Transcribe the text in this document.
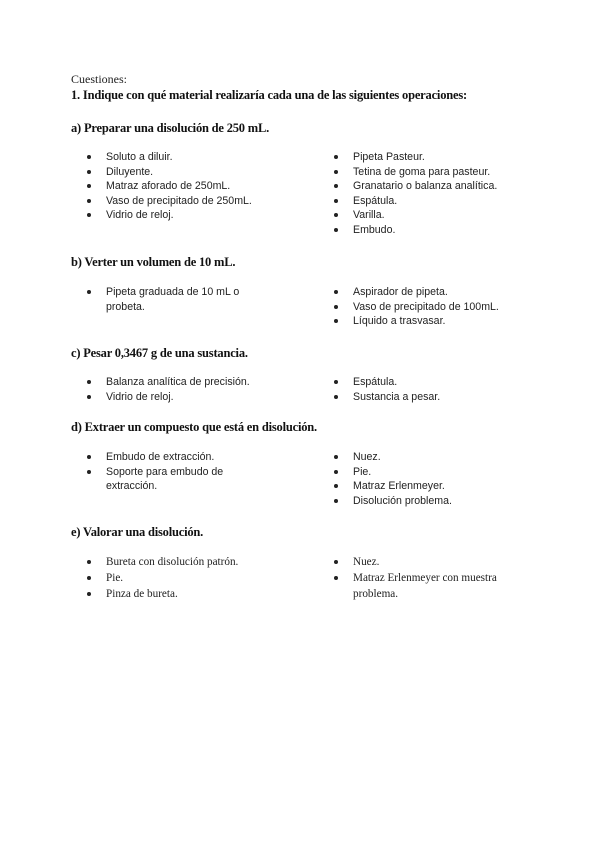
Cuestiones:
1. Indique con qué material realizaría cada una de las siguientes operaciones:
a) Preparar una disolución de 250 mL.
Soluto a diluir.
Diluyente.
Matraz aforado de 250mL.
Vaso de precipitado de 250mL.
Vidrio de reloj.
Pipeta Pasteur.
Tetina de goma para pasteur.
Granatario o balanza analítica.
Espátula.
Varilla.
Embudo.
b) Verter un volumen de 10 mL.
Pipeta graduada de 10 mL o probeta.
Aspirador de pipeta.
Vaso de precipitado de 100mL.
Líquido a trasvasar.
c) Pesar 0,3467 g de una sustancia.
Balanza analítica de precisión.
Vidrio de reloj.
Espátula.
Sustancia a pesar.
d) Extraer un compuesto que está en disolución.
Embudo de extracción.
Soporte para embudo de extracción.
Nuez.
Pie.
Matraz Erlenmeyer.
Disolución problema.
e) Valorar una disolución.
Bureta con disolución patrón.
Pie.
Pinza de bureta.
Nuez.
Matraz Erlenmeyer con muestra problema.
